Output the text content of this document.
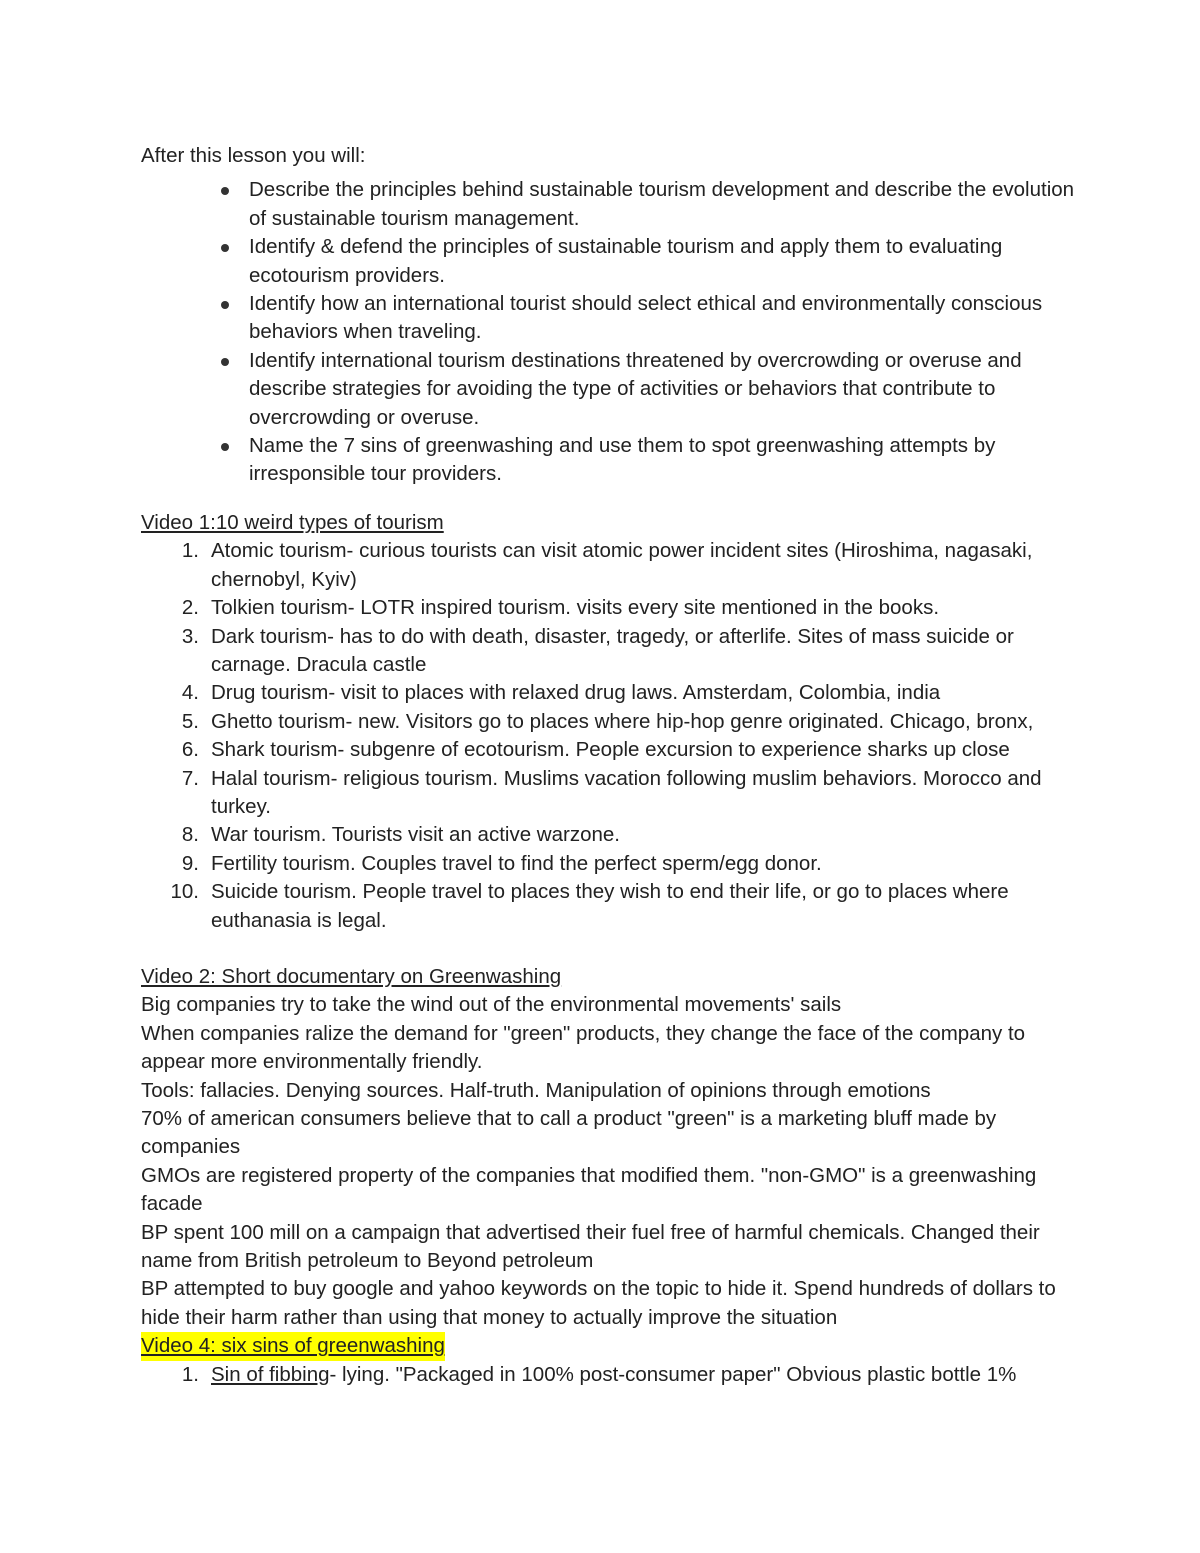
After this lesson you will:

Describe the principles behind sustainable tourism development and describe the evolution of sustainable tourism management.
Identify & defend the principles of sustainable tourism and apply them to evaluating ecotourism providers.
Identify how an international tourist should select ethical and environmentally conscious behaviors when traveling.
Identify international tourism destinations threatened by overcrowding or overuse and describe strategies for avoiding the type of activities or behaviors that contribute to overcrowding or overuse.
Name the 7 sins of greenwashing and use them to spot greenwashing attempts by irresponsible tour providers.

Video 1:10 weird types of tourism

1. Atomic tourism- curious tourists can visit atomic power incident sites (Hiroshima, nagasaki, chernobyl, Kyiv)
2. Tolkien tourism- LOTR inspired tourism. visits every site mentioned in the books.
3. Dark tourism- has to do with death, disaster, tragedy, or afterlife. Sites of mass suicide or carnage. Dracula castle
4. Drug tourism- visit to places with relaxed drug laws. Amsterdam, Colombia, india
5. Ghetto tourism- new. Visitors go to places where hip-hop genre originated. Chicago, bronx,
6. Shark tourism- subgenre of ecotourism. People excursion to experience sharks up close
7. Halal tourism- religious tourism. Muslims vacation following muslim behaviors. Morocco and turkey.
8. War tourism. Tourists visit an active warzone.
9. Fertility tourism. Couples travel to find the perfect sperm/egg donor.
10. Suicide tourism. People travel to places they wish to end their life, or go to places where euthanasia is legal.

Video 2: Short documentary on Greenwashing

Big companies try to take the wind out of the environmental movements' sails

When companies ralize the demand for "green" products, they change the face of the company to appear more environmentally friendly.

Tools: fallacies. Denying sources. Half-truth. Manipulation of opinions through emotions

70% of american consumers believe that to call a product "green" is a marketing bluff made by companies

GMOs are registered property of the companies that modified them. "non-GMO" is a greenwashing facade

BP spent 100 mill on a campaign that advertised their fuel free of harmful chemicals. Changed their name from British petroleum to Beyond petroleum

BP attempted to buy google and yahoo keywords on the topic to hide it. Spend hundreds of dollars to hide their harm rather than using that money to actually improve the situation

Video 4: six sins of greenwashing

1. Sin of fibbing- lying. "Packaged in 100% post-consumer paper" Obvious plastic bottle 1%
